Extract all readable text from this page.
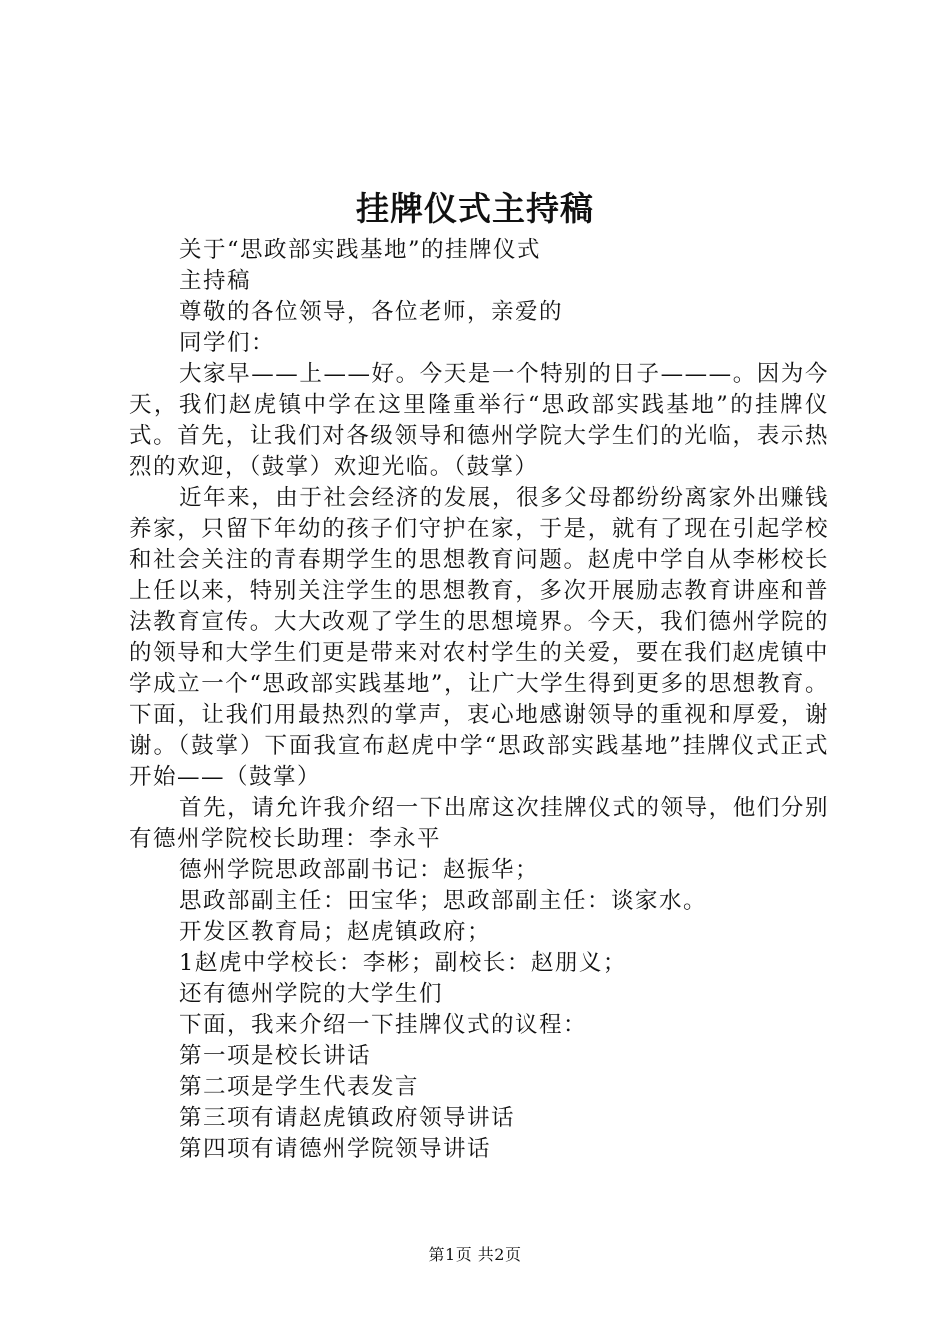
挂牌仪式主持稿

关于“思政部实践基地”的挂牌仪式

主持稿

尊敬的各位领导，各位老师，亲爱的

同学们：

大家早——上——好。今天是一个特别的日子———。因为今天，我们赵虎镇中学在这里隆重举行“思政部实践基地”的挂牌仪式。首先，让我们对各级领导和德州学院大学生们的光临，表示热烈的欢迎，（鼓掌）欢迎光临。（鼓掌）

近年来，由于社会经济的发展，很多父母都纷纷离家外出赚钱养家，只留下年幼的孩子们守护在家，于是，就有了现在引起学校和社会关注的青春期学生的思想教育问题。赵虎中学自从李彬校长上任以来，特别关注学生的思想教育，多次开展励志教育讲座和普法教育宣传。大大改观了学生的思想境界。今天，我们德州学院的的领导和大学生们更是带来对农村学生的关爱，要在我们赵虎镇中学成立一个“思政部实践基地”，让广大学生得到更多的思想教育。下面，让我们用最热烈的掌声，衷心地感谢领导的重视和厚爱，谢谢。（鼓掌）下面我宣布赵虎中学“思政部实践基地”挂牌仪式正式开始——（鼓掌）

首先，请允许我介绍一下出席这次挂牌仪式的领导，他们分别有德州学院校长助理：李永平

德州学院思政部副书记：赵振华；

思政部副主任：田宝华；思政部副主任：谈家水。

开发区教育局；赵虎镇政府；

1赵虎中学校长：李彬；副校长：赵朋义；

还有德州学院的大学生们

下面，我来介绍一下挂牌仪式的议程：

第一项是校长讲话

第二项是学生代表发言

第三项有请赵虎镇政府领导讲话

第四项有请德州学院领导讲话

第1页 共2页
